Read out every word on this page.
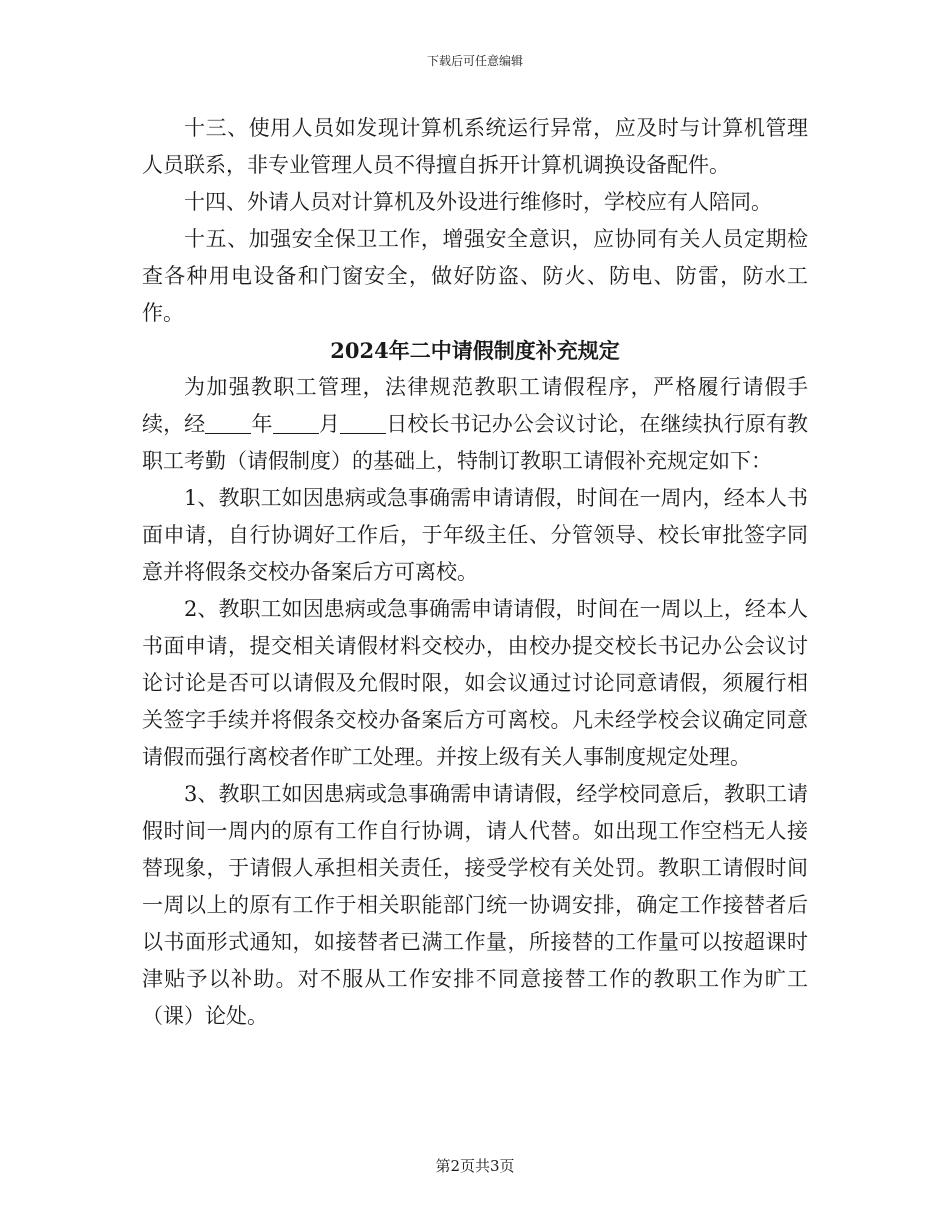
下载后可任意编辑

十三、使用人员如发现计算机系统运行异常，应及时与计算机管理人员联系，非专业管理人员不得擅自拆开计算机调换设备配件。

十四、外请人员对计算机及外设进行维修时，学校应有人陪同。

十五、加强安全保卫工作，增强安全意识，应协同有关人员定期检查各种用电设备和门窗安全，做好防盗、防火、防电、防雷，防水工作。

2024年二中请假制度补充规定

为加强教职工管理，法律规范教职工请假程序，严格履行请假手续，经 年 月 日校长书记办公会议讨论，在继续执行原有教职工考勤（请假制度）的基础上，特制订教职工请假补充规定如下：

1、教职工如因患病或急事确需申请请假，时间在一周内，经本人书面申请，自行协调好工作后，于年级主任、分管领导、校长审批签字同意并将假条交校办备案后方可离校。

2、教职工如因患病或急事确需申请请假，时间在一周以上，经本人书面申请，提交相关请假材料交校办，由校办提交校长书记办公会议讨论讨论是否可以请假及允假时限，如会议通过讨论同意请假，须履行相关签字手续并将假条交校办备案后方可离校。凡未经学校会议确定同意请假而强行离校者作旷工处理。并按上级有关人事制度规定处理。

3、教职工如因患病或急事确需申请请假，经学校同意后，教职工请假时间一周内的原有工作自行协调，请人代替。如出现工作空档无人接替现象，于请假人承担相关责任，接受学校有关处罚。教职工请假时间一周以上的原有工作于相关职能部门统一协调安排，确定工作接替者后以书面形式通知，如接替者已满工作量，所接替的工作量可以按超课时津贴予以补助。对不服从工作安排不同意接替工作的教职工作为旷工（课）论处。

第2页共3页
